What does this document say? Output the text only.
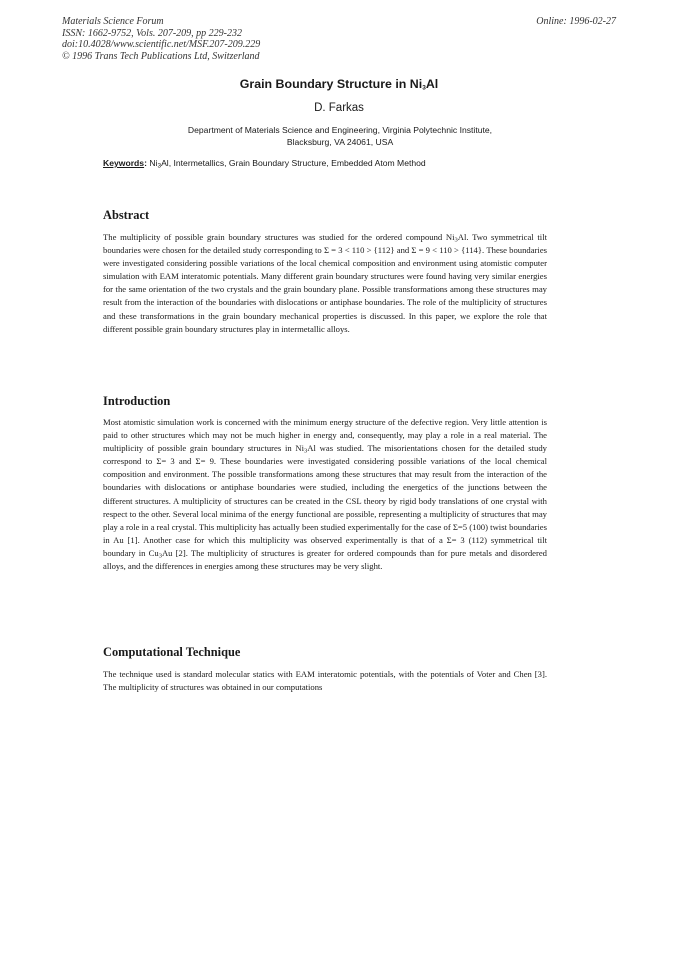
Materials Science Forum
ISSN: 1662-9752, Vols. 207-209, pp 229-232
doi:10.4028/www.scientific.net/MSF.207-209.229
© 1996 Trans Tech Publications Ltd, Switzerland
Online: 1996-02-27
Grain Boundary Structure in $Ni_3Al$
D. Farkas
Department of Materials Science and Engineering, Virginia Polytechnic Institute,
Blacksburg, VA 24061, USA
Keywords: $Ni_3Al$, Intermetallics, Grain Boundary Structure, Embedded Atom Method
Abstract

The multiplicity of possible grain boundary structures was studied for the ordered compound $Ni_3Al$. Two symmetrical tilt boundaries were chosen for the detailed study corresponding to Σ = 3 < 110 > {112} and Σ = 9 < 110 > {114}. These boundaries were investigated considering possible variations of the local chemical composition and environment using atomistic computer simulation with EAM interatomic potentials. Many different grain boundary structures were found having very similar energies for the same orientation of the two crystals and the grain boundary plane. Possible transformations among these structures may result from the interaction of the boundaries with dislocations or antiphase boundaries. The role of the multiplicity of structures and these transformations in the grain boundary mechanical properties is discussed. In this paper, we explore the role that different possible grain boundary structures play in intermetallic alloys.

Introduction

Most atomistic simulation work is concerned with the minimum energy structure of the defective region. Very little attention is paid to other structures which may not be much higher in energy and, consequently, may play a role in a real material. The multiplicity of possible grain boundary structures in $Ni_3Al$ was studied. The misorientations chosen for the detailed study correspond to Σ= 3 and Σ= 9. These boundaries were investigated considering possible variations of the local chemical composition and environment. The possible transformations among these structures that may result from the interaction of the boundaries with dislocations or antiphase boundaries were studied, including the energetics of the junctions between the different structures. A multiplicity of structures can be created in the CSL theory by rigid body translations of one crystal with respect to the other. Several local minima of the energy functional are possible, representing a multiplicity of structures that may play a role in a real crystal. This multiplicity has actually been studied experimentally for the case of Σ=5 (100) twist boundaries in Au [1]. Another case for which this multiplicity was observed experimentally is that of a Σ= 3 (112) symmetrical tilt boundary in $Cu_3Au$ [2]. The multiplicity of structures is greater for ordered compounds than for pure metals and disordered alloys, and the differences in energies among these structures may be very slight.

Computational Technique

The technique used is standard molecular statics with EAM interatomic potentials, with the potentials of Voter and Chen [3]. The multiplicity of structures was obtained in our computations
